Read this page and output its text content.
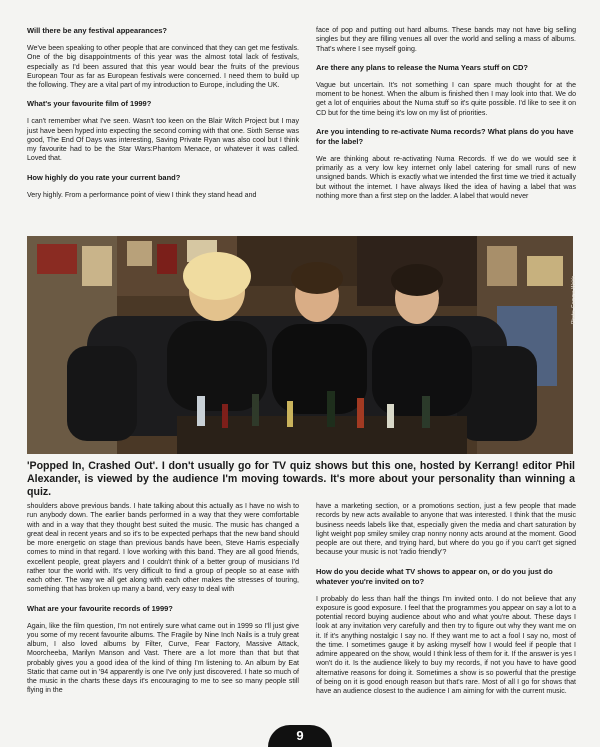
Will there be any festival appearances?

We've been speaking to other people that are convinced that they can get me festivals. One of the big disappointments of this year was the almost total lack of festivals, especially as I'd been assured that this year would bear the fruits of the previous European Tour as far as European festivals were concerned. I need them to build up the following. They are a vital part of my introduction to Europe, including the UK.

What's your favourite film of 1999?

I can't remember what I've seen. Wasn't too keen on the Blair Witch Project but I may just have been hyped into expecting the second coming with that one. Sixth Sense was good, The End Of Days was interesting, Saving Private Ryan was also cool but I think my favourite had to be the Star Wars:Phantom Menace, or whatever it was called. Loved that.

How highly do you rate your current band?

Very highly. From a performance point of view I think they stand head and

face of pop and putting out hard albums. These bands may not have big selling singles but they are filling venues all over the world and selling a mass of albums. That's where I see myself going.

Are there any plans to release the Numa Years stuff on CD?

Vague but uncertain. It's not something I can spare much thought for at the moment to be honest. When the album is finished then I may look into that. We do get a lot of enquiries about the Numa stuff so it's quite possible. I'd like to see it on CD but for the time being it's low on my list of priorities.

Are you intending to re-activate Numa records? What plans do you have for the label?

We are thinking about re-activating Numa Records. If we do we would see it primarily as a very low key internet only label catering for small runs of new unsigned bands. Which is exactly what we intended the first time we tried it actually but without the internet. I have always liked the idea of having a label that was nothing more than a first step on the ladder. A label that would never

Photo: Gemma Webb

'Popped In, Crashed Out'. I don't usually go for TV quiz shows but this one, hosted by Kerrang! editor Phil Alexander, is viewed by the audience I'm moving towards. It's more about your personality than winning a quiz.

shoulders above previous bands. I hate talking about this actually as I have no wish to run anybody down. The earlier bands performed in a way that they were comfortable with and in a way that they thought best suited the music. The music has changed a great deal in recent years and so it's to be expected perhaps that the new band should be more energetic on stage than previous bands have been, Steve Harris especially comes to mind in that regard. I love working with this band. They are all good friends, excellent people, great players and I couldn't think of a better group of musicians I'd rather tour the world with. It's very difficult to find a group of people so at ease with each other. The way we all get along with each other makes the stresses of touring, something that has broken up many a band, very easy to deal with

What are your favourite records of 1999?

Again, like the film question, I'm not entirely sure what came out in 1999 so I'll just give you some of my recent favourite albums. The Fragile by Nine Inch Nails is a truly great album, I also loved albums by Filter, Curve, Fear Factory, Massive Attack, Moorcheeba, Marilyn Manson and Vast. There are a lot more than that but that probably gives you a good idea of the kind of thing I'm listening to. An album by Eat Static that came out in '94 apparently is one I've only just discovered. I hate so much of the music in the charts these days it's encouraging to me to see so many people still flying in the

have a marketing section, or a promotions section, just a few people that made records by new acts available to anyone that was interested. I think that the music business needs labels like that, especially given the media and chart saturation by light weight pop smiley smiley crap nonny nonny acts around at the moment. Good people are out there, and trying hard, but where do you go if you can't get signed because your music is not 'radio friendly'?

How do you decide what TV shows to appear on, or do you just do whatever you're invited on to?

I probably do less than half the things I'm invited onto. I do not believe that any exposure is good exposure. I feel that the programmes you appear on say a lot to a potential record buying audience about who and what you're about. These days I look at any invitation very carefully and then try to figure out why they want me on it. If it's anything nostalgic I say no. If they want me to act a fool I say no, most of the time. I sometimes gauge it by asking myself how I would feel if people that I admire appeared on the show, would I think less of them for it. If the answer is yes I won't do it. Is the audience likely to buy my records, if not you have to have good alternative reasons for doing it. Sometimes a show is so powerful that the prestige of being on it is good enough reason but that's rare. Most of all I go for shows that have an audience closest to the audience I am aiming for with the current music.

9
